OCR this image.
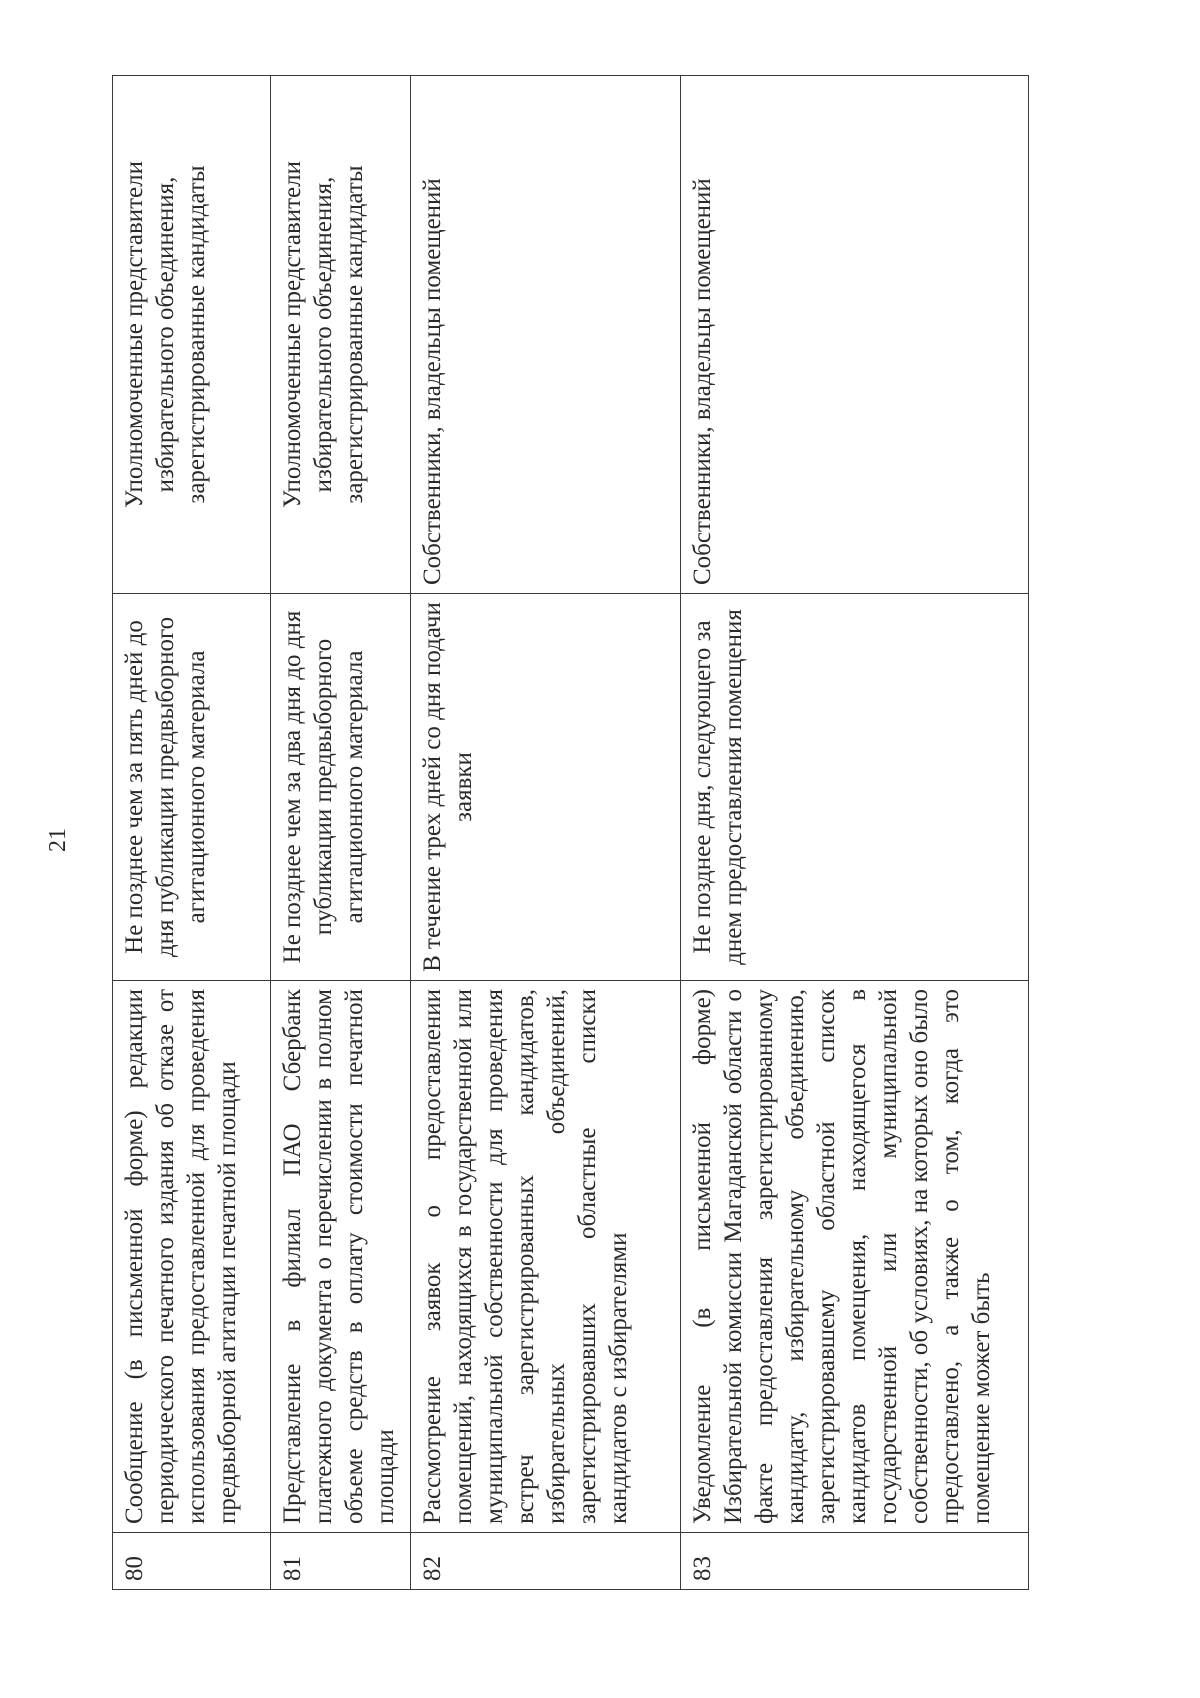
21
80	Сообщение (в письменной форме) редакции периодического печатного издания об отказе от использования предоставленной для проведения предвыборной агитации печатной площади	Не позднее чем за пять дней до дня публикации предвыборного агитационного материала	Уполномоченные представители избирательного объединения, зарегистрированные кандидаты
81	Представление в филиал ПАО Сбербанк платежного документа о перечислении в полном объеме средств в оплату стоимости печатной площади	Не позднее чем за два дня до дня публикации предвыборного агитационного материала	Уполномоченные представители избирательного объединения, зарегистрированные кандидаты
82	Рассмотрение заявок о предоставлении помещений, находящихся в государственной или муниципальной собственности для проведения встреч зарегистрированных кандидатов, избирательных объединений, зарегистрировавших областные списки кандидатов с избирателями	В течение трех дней со дня подачи заявки	Собственники, владельцы помещений
83	Уведомление (в письменной форме) Избирательной комиссии Магаданской области о факте предоставления зарегистрированному кандидату, избирательному объединению, зарегистрировавшему областной список кандидатов помещения, находящегося в государственной или муниципальной собственности, об условиях, на которых оно было предоставлено, а также о том, когда это помещение может быть	Не позднее дня, следующего за днем предоставления помещения	Собственники, владельцы помещений
